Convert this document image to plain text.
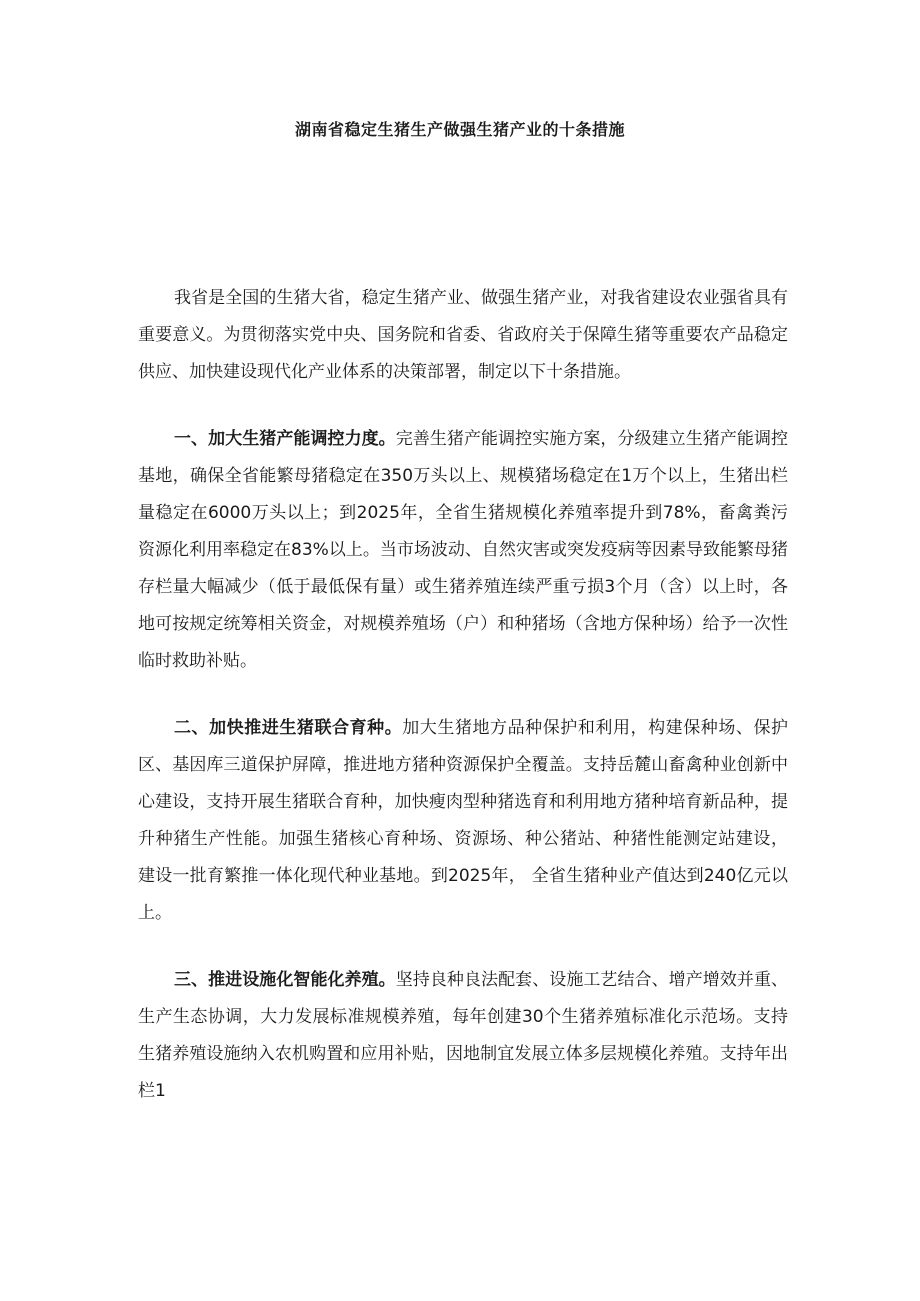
湖南省稳定生猪生产做强生猪产业的十条措施

我省是全国的生猪大省，稳定生猪产业、做强生猪产业，对我省建设农业强省具有重要意义。为贯彻落实党中央、国务院和省委、省政府关于保障生猪等重要农产品稳定供应、加快建设现代化产业体系的决策部署，制定以下十条措施。

一、加大生猪产能调控力度。完善生猪产能调控实施方案，分级建立生猪产能调控基地，确保全省能繁母猪稳定在350万头以上、规模猪场稳定在1万个以上，生猪出栏量稳定在6000万头以上；到2025年，全省生猪规模化养殖率提升到78%，畜禽粪污资源化利用率稳定在83%以上。当市场波动、自然灾害或突发疫病等因素导致能繁母猪存栏量大幅减少（低于最低保有量）或生猪养殖连续严重亏损3个月（含）以上时，各地可按规定统筹相关资金，对规模养殖场（户）和种猪场（含地方保种场）给予一次性临时救助补贴。

二、加快推进生猪联合育种。加大生猪地方品种保护和利用，构建保种场、保护区、基因库三道保护屏障，推进地方猪种资源保护全覆盖。支持岳麓山畜禽种业创新中心建设，支持开展生猪联合育种，加快瘦肉型种猪选育和利用地方猪种培育新品种，提升种猪生产性能。加强生猪核心育种场、资源场、种公猪站、种猪性能测定站建设， 建设一批育繁推一体化现代种业基地。到2025年， 全省生猪种业产值达到240亿元以上。

三、推进设施化智能化养殖。坚持良种良法配套、设施工艺结合、增产增效并重、生产生态协调，大力发展标准规模养殖，每年创建30个生猪养殖标准化示范场。支持生猪养殖设施纳入农机购置和应用补贴，因地制宜发展立体多层规模化养殖。支持年出栏1
